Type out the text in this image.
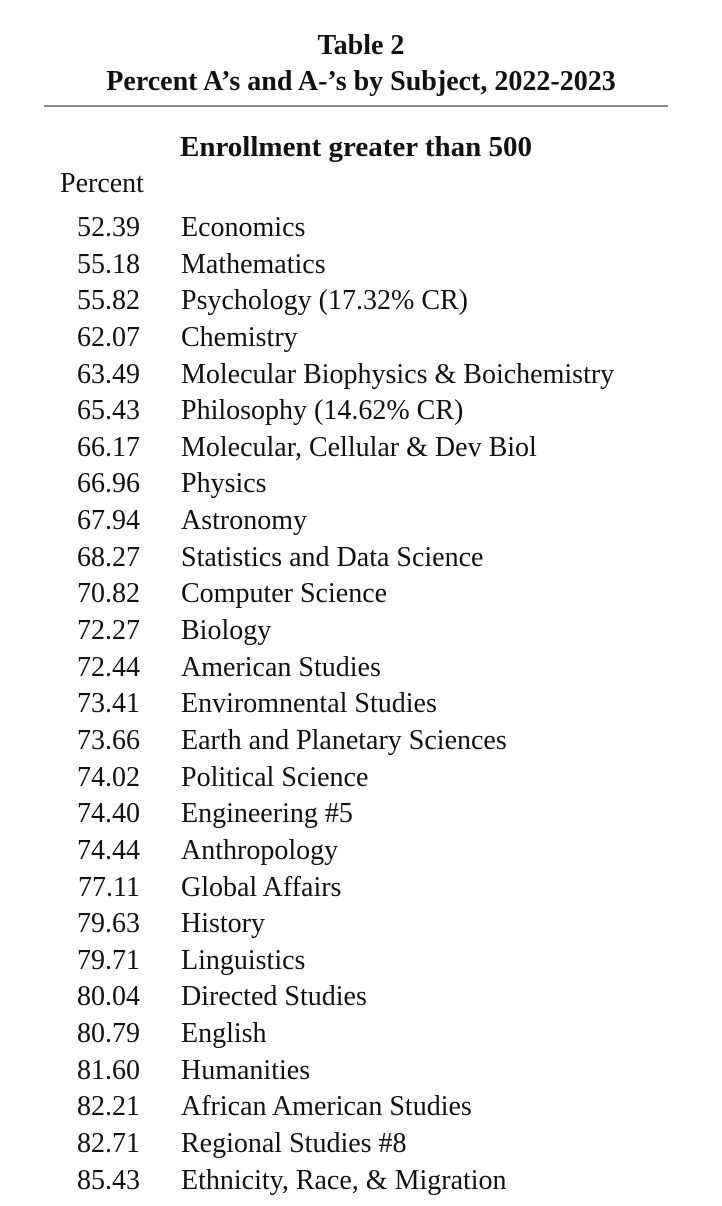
Table 2
Percent A’s and A-’s by Subject, 2022-2023
Enrollment greater than 500
Percent
52.39 Economics
55.18 Mathematics
55.82 Psychology (17.32% CR)
62.07 Chemistry
63.49 Molecular Biophysics & Boichemistry
65.43 Philosophy (14.62% CR)
66.17 Molecular, Cellular & Dev Biol
66.96 Physics
67.94 Astronomy
68.27 Statistics and Data Science
70.82 Computer Science
72.27 Biology
72.44 American Studies
73.41 Enviromnental Studies
73.66 Earth and Planetary Sciences
74.02 Political Science
74.40 Engineering #5
74.44 Anthropology
77.11 Global Affairs
79.63 History
79.71 Linguistics
80.04 Directed Studies
80.79 English
81.60 Humanities
82.21 African American Studies
82.71 Regional Studies #8
85.43 Ethnicity, Race, & Migration
